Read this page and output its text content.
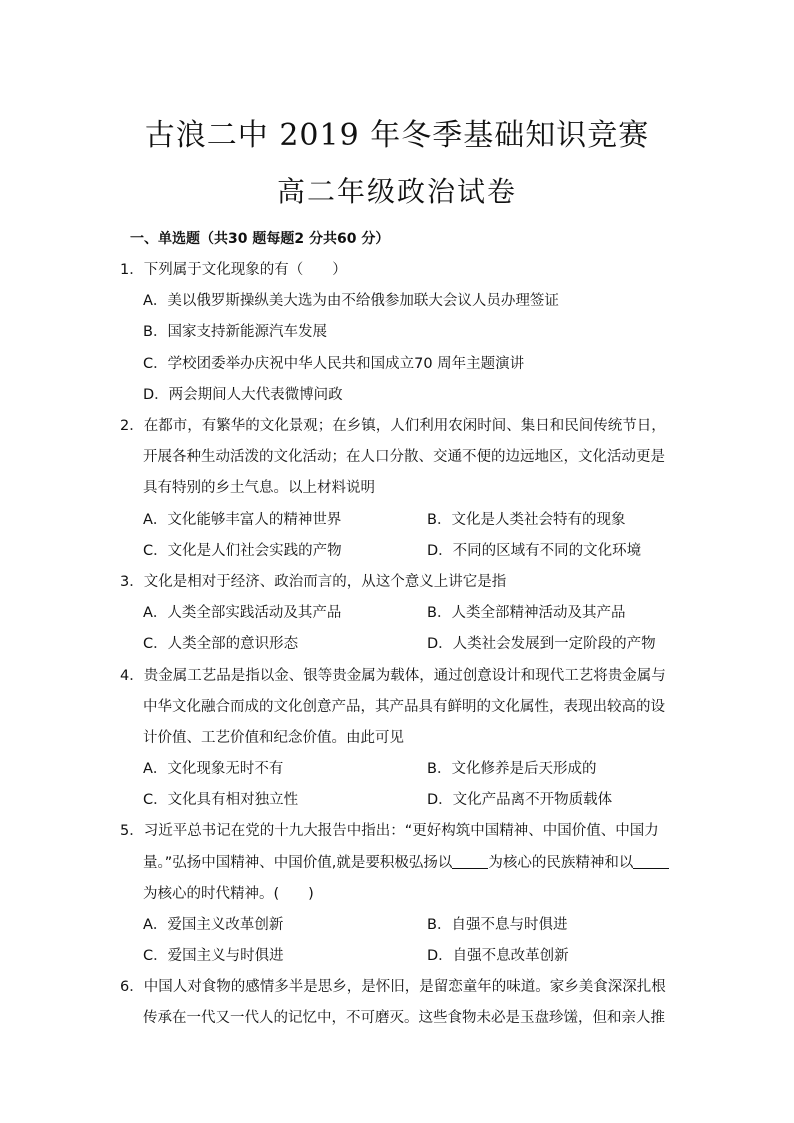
古浪二中 2019 年冬季基础知识竞赛
高二年级政治试卷
一、单选题（共30 题每题2 分共60 分）
1．下列属于文化现象的有（　　）
A．美以俄罗斯操纵美大选为由不给俄参加联大会议人员办理签证
B．国家支持新能源汽车发展
C．学校团委举办庆祝中华人民共和国成立70 周年主题演讲
D．两会期间人大代表微博问政
2．在都市，有繁华的文化景观；在乡镇，人们利用农闲时间、集日和民间传统节日，
开展各种生动活泼的文化活动；在人口分散、交通不便的边远地区，文化活动更是
具有特别的乡土气息。以上材料说明
A．文化能够丰富人的精神世界	B．文化是人类社会特有的现象
C．文化是人们社会实践的产物	D．不同的区域有不同的文化环境
3．文化是相对于经济、政治而言的，从这个意义上讲它是指
A．人类全部实践活动及其产品	B．人类全部精神活动及其产品
C．人类全部的意识形态	D．人类社会发展到一定阶段的产物
4．贵金属工艺品是指以金、银等贵金属为载体，通过创意设计和现代工艺将贵金属与
中华文化融合而成的文化创意产品，其产品具有鲜明的文化属性，表现出较高的设
计价值、工艺价值和纪念价值。由此可见
A．文化现象无时不有	B．文化修养是后天形成的
C．文化具有相对独立性	D．文化产品离不开物质载体
5．习近平总书记在党的十九大报告中指出：“更好构筑中国精神、中国价值、中国力
量。”弘扬中国精神、中国价值,就是要积极弘扬以 为核心的民族精神和以
为核心的时代精神。(　　)
A．爱国主义改革创新	B．自强不息与时俱进
C．爱国主义与时俱进	D．自强不息改革创新
6．中国人对食物的感情多半是思乡，是怀旧，是留恋童年的味道。家乡美食深深扎根
传承在一代又一代人的记忆中，不可磨灭。这些食物未必是玉盘珍馐，但和亲人推
